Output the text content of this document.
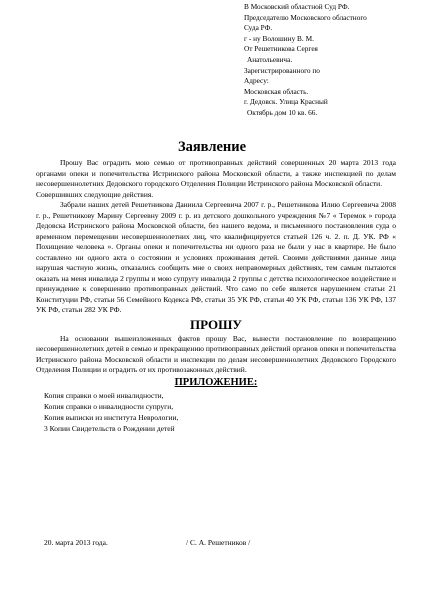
В Московский областной Суд РФ.
Председателю Московского областного
Суда РФ.
г - ну Волошину В. М.
От Решетникова Сергея
Анатольевича.
Зарегистрированного по
Адресу:
Московская область.
г. Дедовск. Улица Красный
Октябрь дом 10 кв. 66.
Заявление

Прошу Вас оградить мою семью от противоправных действий совершенных 20 марта 2013 года органами опеки и попечительства Истринского района Московской области, а также инспекцией по делам несовершеннолетних Дедовского городского Отделения Полиции Истринского района Московской области.

Совершивших следующие действия.

Забрали наших детей Решетникова Даниила Сергеевича 2007 г. р., Решетникова Илию Сергеевича 2008 г. р., Решетникову Марину Сергеевну 2009 г. р. из детского дошкольного учреждения №7 « Теремок » города Дедовска Истринского района Московской области, без нашего ведома, и письменного постановления суда о временном перемещении несовершеннолетних лиц, что квалифицируется статьей 126 ч. 2. п. Д. УК. РФ « Похищение человека ». Органы опеки и попечительства ни одного раза не были у нас в квартире. Не было составлено ни одного акта о состоянии и условиях проживания детей. Своими действиями данные лица нарушая частную жизнь, отказались сообщить мне о своих неправомерных действиях, тем самым пытаются оказать на меня инвалида 2 группы и мою супругу инвалида 2 группы с детства психологическое воздействие и принуждение к совершению противоправных действий. Что само по себе является нарушением статьи 21 Конституции РФ, статьи 56 Семейного Кодекса РФ, статьи 35 УК РФ, статьи 40 УК РФ, статьи 136 УК РФ, 137 УК РФ, статьи 282 УК РФ.

ПРОШУ

На основании вышеизложенных фактов прошу Вас, вынести постановление по возвращению несовершеннолетних детей в семью и прекращению противоправных действий органов опеки и попечительства Истринского района Московской области и инспекции по делам несовершеннолетних Дедовского Городского Отделения Полиции и оградить от их противозаконных действий.

ПРИЛОЖЕНИЕ:
Копия справки о моей инвалидности,
Копия справки о инвалидности супруги,
Копия выписки из института Неврологии,
3 Копии Свидетельств о Рождении детей
20. марта 2013 года.	/ С. А. Решетников /
